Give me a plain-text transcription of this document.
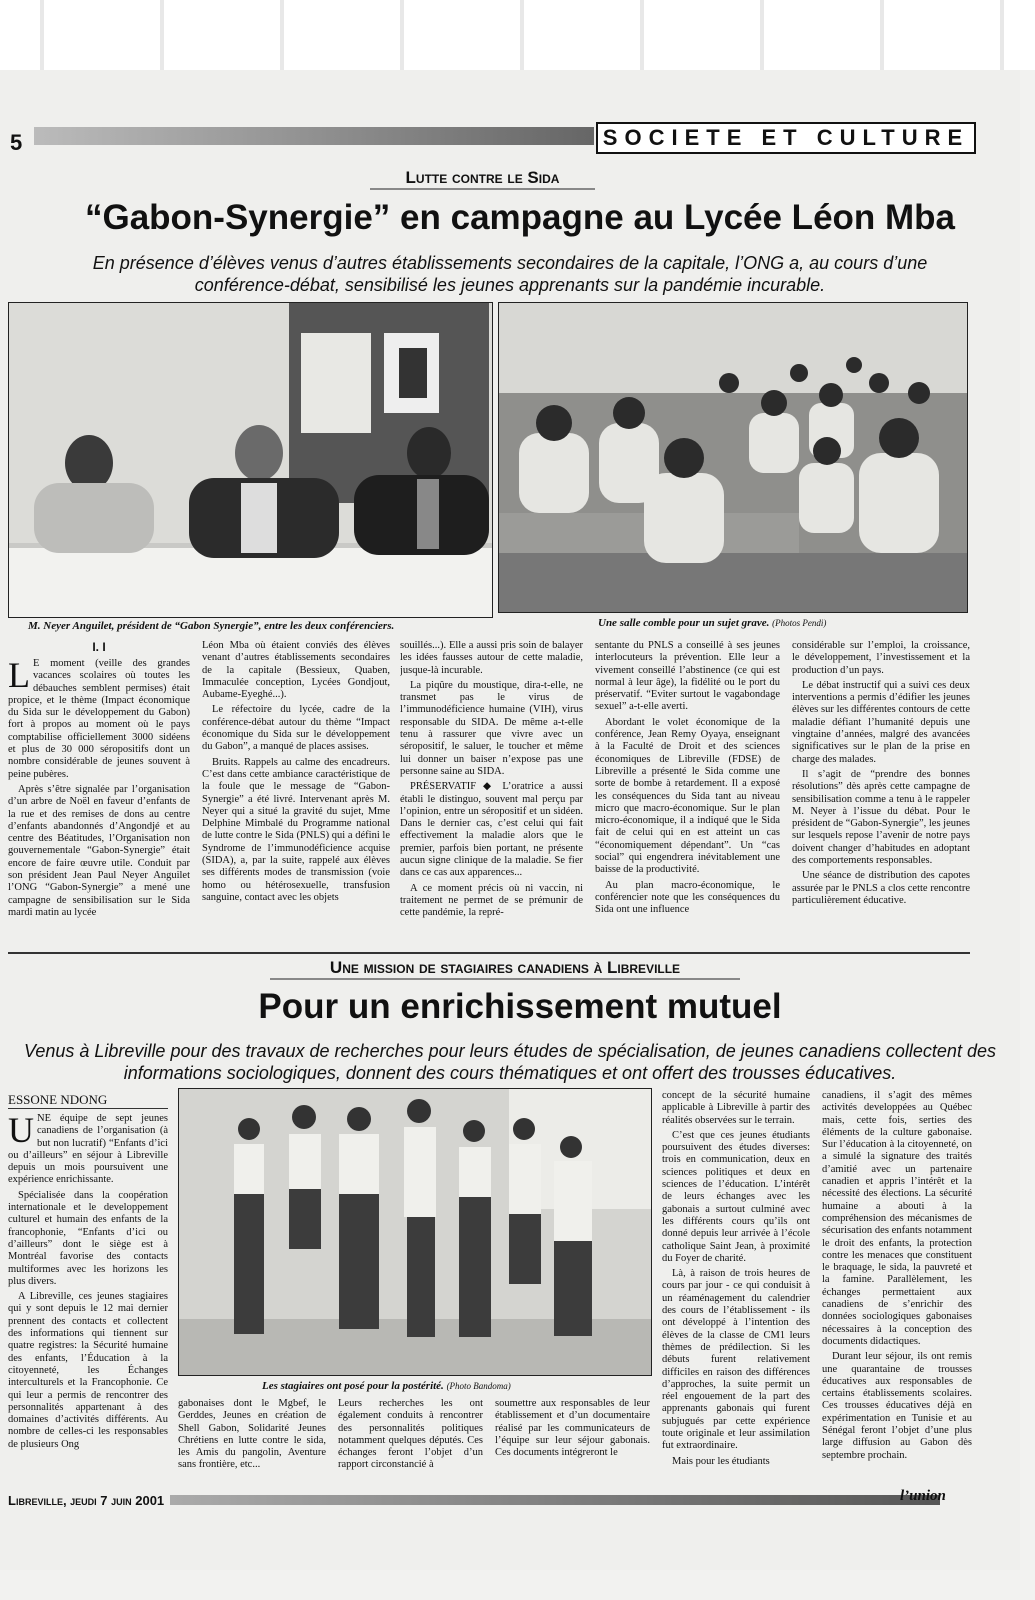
5	SOCIETE ET CULTURE
Lutte contre le Sida
“Gabon-Synergie” en campagne au Lycée Léon Mba
En présence d’élèves venus d’autres établissements secondaires de la capitale, l’ONG a, au cours d’une conférence-débat, sensibilisé les jeunes apprenants sur la pandémie incurable.
M. Neyer Anguilet, président de “Gabon Synergie”, entre les deux conférenciers.	Une salle comble pour un sujet grave. (Photos Pendi)
I. I

L E moment (veille des grandes vacances scolaires où toutes les débauches semblent permises) était propice, et le thème (Impact économique du Sida sur le développement du Gabon) fort à propos au moment où le pays comptabilise officiellement 3000 sidéens et plus de 30 000 séropositifs dont un nombre considérable de jeunes souvent à peine pubères.

Après s’être signalée par l’organisation d’un arbre de Noël en faveur d’enfants de la rue et des remises de dons au centre d’enfants abandonnés d’Angondjé et au centre des Béatitudes, l’Organisation non gouvernementale “Gabon-Synergie” était encore de faire œuvre utile. Conduit par son président Jean Paul Neyer Anguilet l’ONG “Gabon-Synergie” a mené une campagne de sensibilisation sur le Sida mardi matin au lycée

Léon Mba où étaient conviés des élèves venant d’autres établissements secondaires de la capitale (Bessieux, Quaben, Immaculée conception, Lycées Gondjout, Aubame-Eyeghé...).

Le réfectoire du lycée, cadre de la conférence-débat autour du thème “Impact économique du Sida sur le développement du Gabon”, a manqué de places assises.

Bruits. Rappels au calme des encadreurs. C’est dans cette ambiance caractéristique de la foule que le message de “Gabon-Synergie” a été livré. Intervenant après M. Neyer qui a situé la gravité du sujet, Mme Delphine Mimbalé du Programme national de lutte contre le Sida (PNLS) qui a défini le Syndrome de l’immunodéficience acquise (SIDA), a, par la suite, rappelé aux élèves ses différents modes de transmission (voie homo ou hétérosexuelle, transfusion sanguine, contact avec les objets

souillés...). Elle a aussi pris soin de balayer les idées fausses autour de cette maladie, jusque-là incurable.

La piqûre du moustique, dira-t-elle, ne transmet pas le virus de l’immunodéficience humaine (VIH), virus responsable du SIDA. De même a-t-elle tenu à rassurer que vivre avec un séropositif, le saluer, le toucher et même lui donner un baiser n’expose pas une personne saine au SIDA.

PRÉSERVATIF ◆ L’oratrice a aussi établi le distinguo, souvent mal perçu par l’opinion, entre un séropositif et un sidéen. Dans le dernier cas, c’est celui qui fait effectivement la maladie alors que le premier, parfois bien portant, ne présente aucun signe clinique de la maladie. Se fier dans ce cas aux apparences...

A ce moment précis où ni vaccin, ni traitement ne permet de se prémunir de cette pandémie, la repré-

sentante du PNLS a conseillé à ses jeunes interlocuteurs la prévention. Elle leur a vivement conseillé l’abstinence (ce qui est normal à leur âge), la fidélité ou le port du préservatif. “Eviter surtout le vagabondage sexuel” a-t-elle averti.

Abordant le volet économique de la conférence, Jean Remy Oyaya, enseignant à la Faculté de Droit et des sciences économiques de Libreville (FDSE) de Libreville a présenté le Sida comme une sorte de bombe à retardement. Il a exposé les conséquences du Sida tant au niveau micro que macro-économique. Sur le plan micro-économique, il a indiqué que le Sida fait de celui qui en est atteint un cas “économiquement dépendant”. Un “cas social” qui engendrera inévitablement une baisse de la productivité.

Au plan macro-économique, le conférencier note que les conséquences du Sida ont une influence

considérable sur l’emploi, la croissance, le développement, l’investissement et la production d’un pays.

Le débat instructif qui a suivi ces deux interventions a permis d’édifier les jeunes élèves sur les différentes contours de cette maladie défiant l’humanité depuis une vingtaine d’années, malgré des avancées significatives sur le plan de la prise en charge des malades.

Il s’agit de “prendre des bonnes résolutions” dès après cette campagne de sensibilisation comme a tenu à le rappeler M. Neyer à l’issue du débat. Pour le président de “Gabon-Synergie”, les jeunes sur lesquels repose l’avenir de notre pays doivent changer d’habitudes en adoptant des comportements responsables.

Une séance de distribution des capotes assurée par le PNLS a clos cette rencontre particulièrement éducative.

Une mission de stagiaires canadiens à Libreville
Pour un enrichissement mutuel
Venus à Libreville pour des travaux de recherches pour leurs études de spécialisation, de jeunes canadiens collectent des informations sociologiques, donnent des cours thématiques et ont offert des trousses éducatives.
ESSONE NDONG

UNE équipe de sept jeunes canadiens de l’organisation (à but non lucratif) “Enfants d’ici ou d’ailleurs” en séjour à Libreville depuis un mois poursuivent une expérience enrichissante.

Spécialisée dans la coopération internationale et le developpement culturel et humain des enfants de la francophonie, “Enfants d’ici ou d’ailleurs” dont le siège est à Montréal favorise des contacts multiformes avec les horizons les plus divers.

A Libreville, ces jeunes stagiaires qui y sont depuis le 12 mai dernier prennent des contacts et collectent des informations qui tiennent sur quatre registres: la Sécurité humaine des enfants, l’Éducation à la citoyenneté, les Échanges interculturels et la Francophonie. Ce qui leur a permis de rencontrer des personnalités appartenant à des domaines d’activités différents. Au nombre de celles-ci les responsables de plusieurs Ong

Les stagiaires ont posé pour la postérité. (Photo Bandoma)

gabonaises dont le Mgbef, le Gerddes, Jeunes en création de Shell Gabon, Solidarité Jeunes Chrétiens en lutte contre le sida, les Amis du pangolin, Aventure sans frontière, etc...

Leurs recherches les ont également conduits à rencontrer des personnalités politiques notamment quelques députés. Ces échanges feront l’objet d’un rapport circonstancié à

soumettre aux responsables de leur établissement et d’un documentaire réalisé par les communicateurs de l’équipe sur leur séjour gabonais. Ces documents intégreront le

concept de la sécurité humaine applicable à Libreville à partir des réalités observées sur le terrain.

C’est que ces jeunes étudiants poursuivent des études diverses: trois en communication, deux en sciences politiques et deux en sciences de l’éducation. L’intérêt de leurs échanges avec les gabonais a surtout culminé avec les différents cours qu’ils ont donné depuis leur arrivée à l’école catholique Saint Jean, à proximité du Foyer de charité.

Là, à raison de trois heures de cours par jour - ce qui conduisit à un réaménagement du calendrier des cours de l’établissement - ils ont développé à l’intention des élèves de la classe de CM1 leurs thèmes de prédilection. Si les débuts furent relativement difficiles en raison des différences d’approches, la suite permit un réel engouement de la part des apprenants gabonais qui furent subjugués par cette expérience toute originale et leur assimilation fut extraordinaire.

Mais pour les étudiants

canadiens, il s’agit des mêmes activités developpées au Québec mais, cette fois, serties des éléments de la culture gabonaise. Sur l’éducation à la citoyenneté, on a simulé la signature des traités d’amitié avec un partenaire canadien et appris l’intérêt et la nécessité des élections. La sécurité humaine a abouti à la compréhension des mécanismes de sécurisation des enfants notamment le droit des enfants, la protection contre les menaces que constituent le braquage, le sida, la pauvreté et la famine. Parallèlement, les échanges permettaient aux canadiens de s’enrichir des données sociologiques gabonaises nécessaires à la conception des documents didactiques.

Durant leur séjour, ils ont remis une quarantaine de trousses éducatives aux responsables de certains établissements scolaires. Ces trousses éducatives déjà en expérimentation en Tunisie et au Sénégal feront l’objet d’une plus large diffusion au Gabon dès septembre prochain.

Libreville, jeudi 7 juin 2001	l’union
